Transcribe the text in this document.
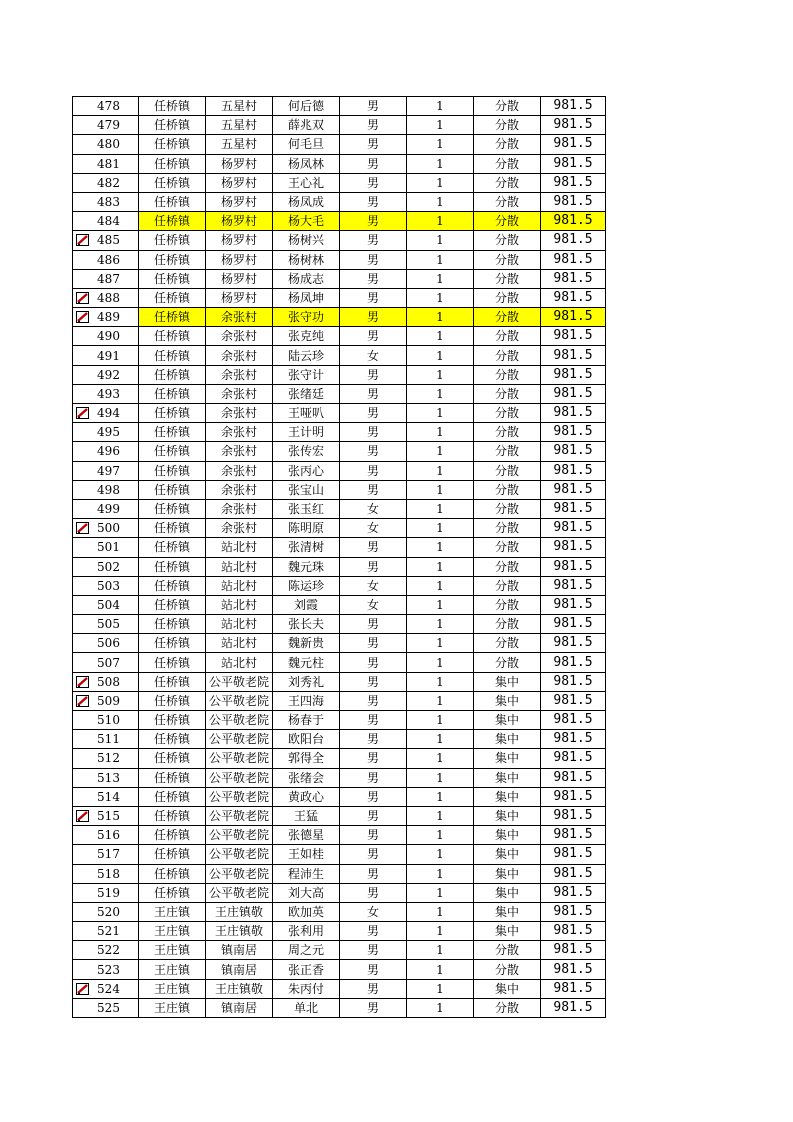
478	任桥镇	五星村	何后德	男	1	分散	981.5
479	任桥镇	五星村	薛兆双	男	1	分散	981.5
480	任桥镇	五星村	何毛旦	男	1	分散	981.5
481	任桥镇	杨罗村	杨凤林	男	1	分散	981.5
482	任桥镇	杨罗村	王心礼	男	1	分散	981.5
483	任桥镇	杨罗村	杨凤成	男	1	分散	981.5
484	任桥镇	杨罗村	杨大毛	男	1	分散	981.5

485	任桥镇	杨罗村	杨树兴	男	1	分散	981.5
486	任桥镇	杨罗村	杨树林	男	1	分散	981.5
487	任桥镇	杨罗村	杨成志	男	1	分散	981.5

488	任桥镇	杨罗村	杨凤坤	男	1	分散	981.5

489	任桥镇	余张村	张守功	男	1	分散	981.5
490	任桥镇	余张村	张克纯	男	1	分散	981.5
491	任桥镇	余张村	陆云珍	女	1	分散	981.5
492	任桥镇	余张村	张守计	男	1	分散	981.5
493	任桥镇	余张村	张绪廷	男	1	分散	981.5

494	任桥镇	余张村	王哑叭	男	1	分散	981.5
495	任桥镇	余张村	王计明	男	1	分散	981.5
496	任桥镇	余张村	张传宏	男	1	分散	981.5
497	任桥镇	余张村	张丙心	男	1	分散	981.5
498	任桥镇	余张村	张宝山	男	1	分散	981.5
499	任桥镇	余张村	张玉红	女	1	分散	981.5

500	任桥镇	余张村	陈明原	女	1	分散	981.5
501	任桥镇	站北村	张清树	男	1	分散	981.5
502	任桥镇	站北村	魏元珠	男	1	分散	981.5
503	任桥镇	站北村	陈运珍	女	1	分散	981.5
504	任桥镇	站北村	刘霞	女	1	分散	981.5
505	任桥镇	站北村	张长夫	男	1	分散	981.5
506	任桥镇	站北村	魏新贵	男	1	分散	981.5
507	任桥镇	站北村	魏元柱	男	1	分散	981.5

508	任桥镇	公平敬老院	刘秀礼	男	1	集中	981.5

509	任桥镇	公平敬老院	王四海	男	1	集中	981.5
510	任桥镇	公平敬老院	杨春于	男	1	集中	981.5
511	任桥镇	公平敬老院	欧阳台	男	1	集中	981.5
512	任桥镇	公平敬老院	郭得全	男	1	集中	981.5
513	任桥镇	公平敬老院	张绪会	男	1	集中	981.5
514	任桥镇	公平敬老院	黄政心	男	1	集中	981.5

515	任桥镇	公平敬老院	王猛	男	1	集中	981.5
516	任桥镇	公平敬老院	张德星	男	1	集中	981.5
517	任桥镇	公平敬老院	王如桂	男	1	集中	981.5
518	任桥镇	公平敬老院	程沛生	男	1	集中	981.5
519	任桥镇	公平敬老院	刘大高	男	1	集中	981.5
520	王庄镇	王庄镇敬	欧加英	女	1	集中	981.5
521	王庄镇	王庄镇敬	张利用	男	1	集中	981.5
522	王庄镇	镇南居	周之元	男	1	分散	981.5
523	王庄镇	镇南居	张正香	男	1	分散	981.5

524	王庄镇	王庄镇敬	朱丙付	男	1	集中	981.5
525	王庄镇	镇南居	单北	男	1	分散	981.5
